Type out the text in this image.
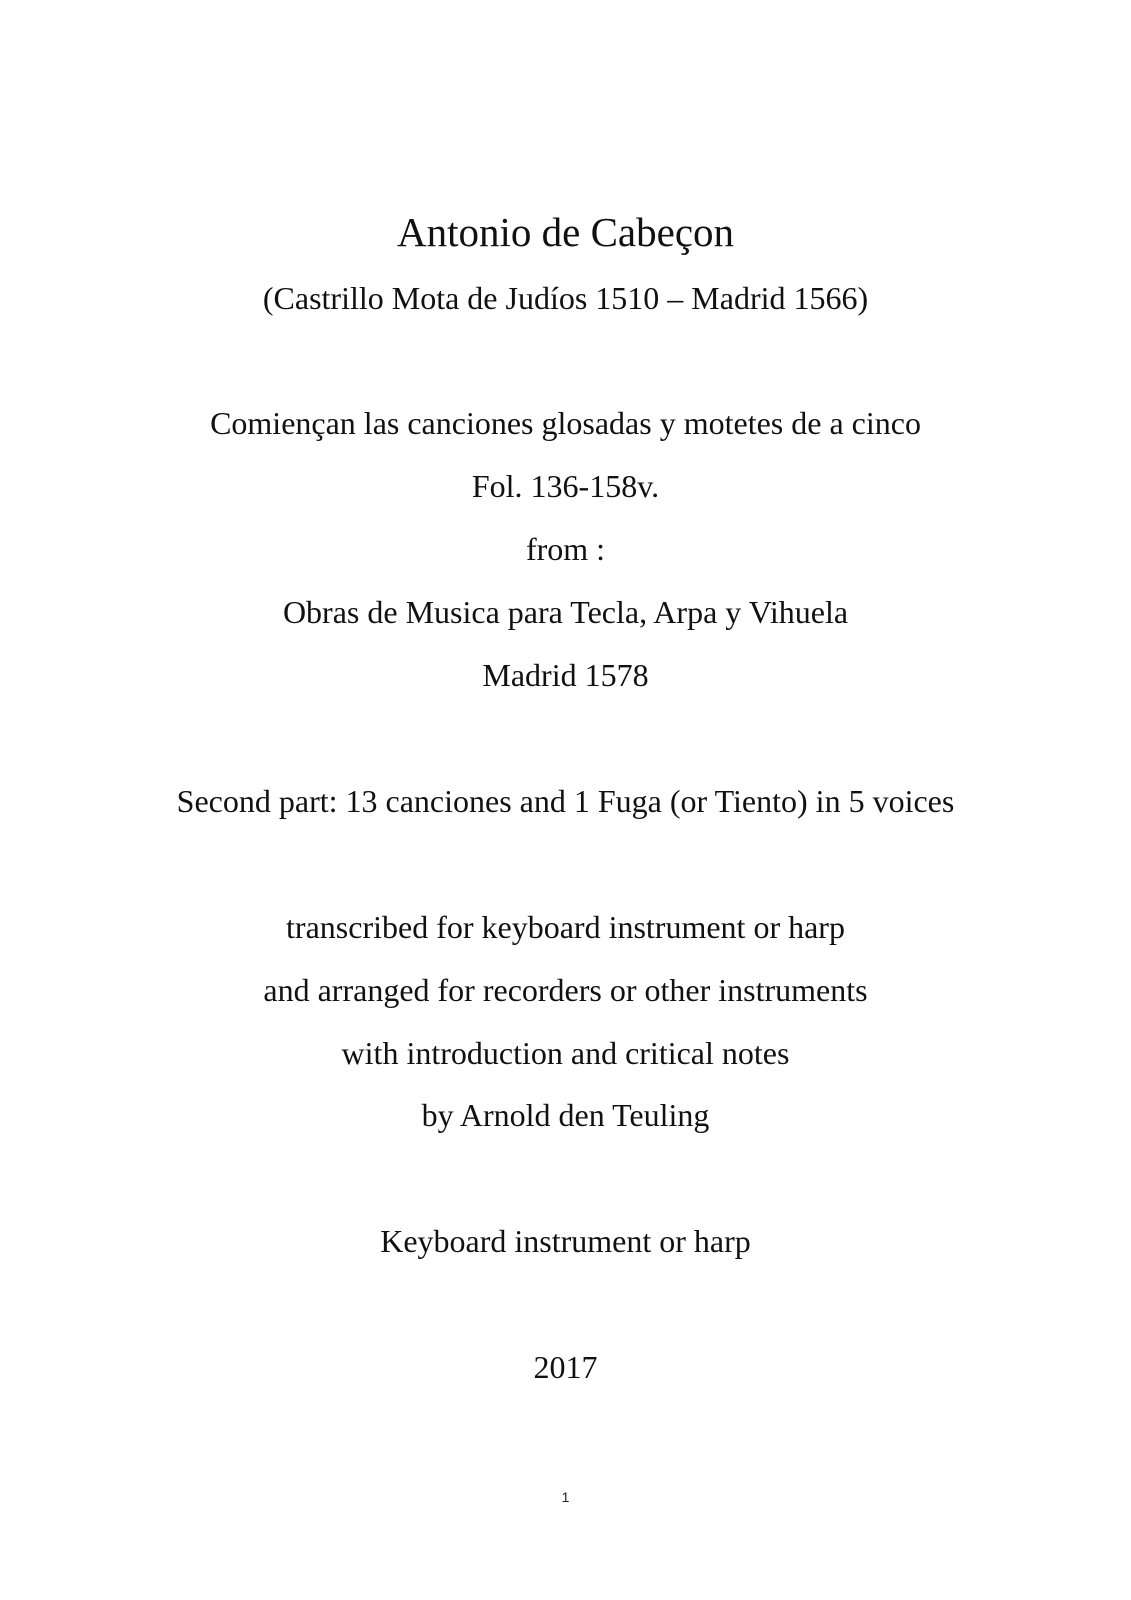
Antonio de Cabeçon
(Castrillo Mota de Judíos 1510 – Madrid 1566)
Comiençan las canciones glosadas y motetes de a cinco
Fol. 136-158v.
from :
Obras de Musica para Tecla, Arpa y Vihuela
Madrid 1578
Second part: 13 canciones and 1 Fuga (or Tiento) in 5 voices
transcribed for keyboard instrument or harp
and arranged for recorders or other instruments
with introduction and critical notes
by Arnold den Teuling
Keyboard instrument or harp
2017
1
